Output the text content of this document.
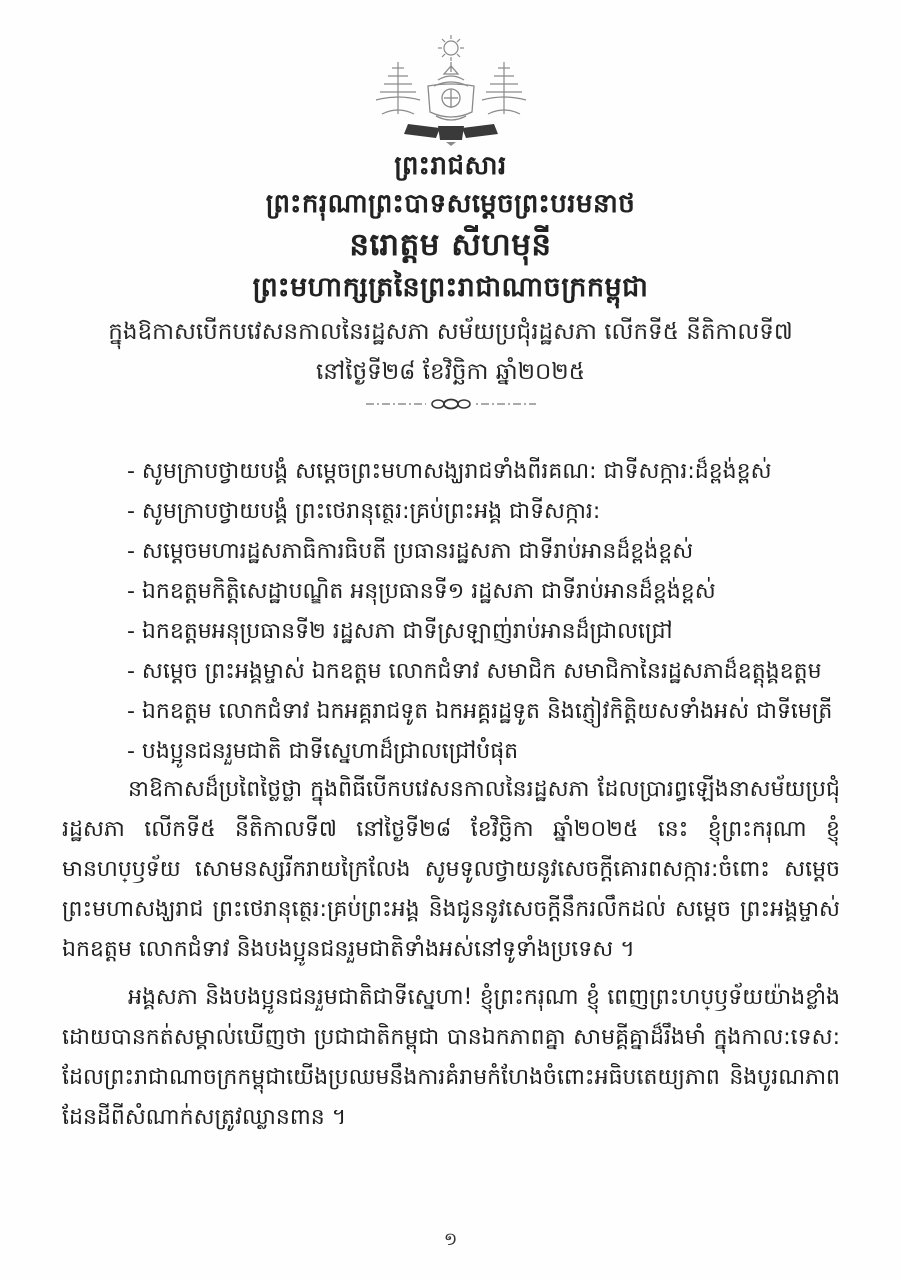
ព្រះរាជសារ
ព្រះករុណាព្រះបាទសម្តេចព្រះបរមនាថ
នរោត្តម សីហមុនី
ព្រះមហាក្សត្រនៃព្រះរាជាណាចក្រកម្ពុជា
ក្នុងឱកាសបើកបវេសនកាលនៃរដ្ឋសភា សម័យប្រជុំរដ្ឋសភា លើកទី៥ នីតិកាលទី៧
នៅថ្ងៃទី២៨ ខែវិច្ឆិកា ឆ្នាំ២០២៥
- សូមក្រាបថ្វាយបង្គំ សម្តេចព្រះមហាសង្ឃរាជទាំងពីរគណ: ជាទីសក្ការ:ដ៏ខ្ពង់ខ្ពស់
- សូមក្រាបថ្វាយបង្គំ ព្រះថេរានុត្ថេរ:គ្រប់ព្រះអង្គ ជាទីសក្ការ:
- សម្តេចមហារដ្ឋសភាធិការធិបតី ប្រធានរដ្ឋសភា ជាទីរាប់អានដ៏ខ្ពង់ខ្ពស់
- ឯកឧត្តមកិត្តិសេដ្ឋាបណ្ឌិត អនុប្រធានទី១ រដ្ឋសភា ជាទីរាប់អានដ៏ខ្ពង់ខ្ពស់
- ឯកឧត្តមអនុប្រធានទី២ រដ្ឋសភា ជាទីស្រឡាញ់រាប់អានដ៏ជ្រាលជ្រៅ
- សម្តេច ព្រះអង្គម្ចាស់ ឯកឧត្តម លោកជំទាវ សមាជិក សមាជិកានៃរដ្ឋសភាដ៏ឧត្តុង្គឧត្តម
- ឯកឧត្តម លោកជំទាវ ឯកអគ្គរាជទូត ឯកអគ្គរដ្ឋទូត និងភ្ញៀវកិត្តិយសទាំងអស់ ជាទីមេត្រី
- បងប្អូនជនរួមជាតិ ជាទីស្នេហាដ៏ជ្រាលជ្រៅបំផុត
នាឱកាសដ៏ប្រពៃថ្លៃថ្លា ក្នុងពិធីបើកបវេសនកាលនៃរដ្ឋសភា ដែលប្រារព្ធឡើងនាសម័យប្រជុំ រដ្ឋសភា លើកទី៥ នីតិកាលទី៧ នៅថ្ងៃទី២៨ ខែវិច្ឆិកា ឆ្នាំ២០២៥ នេះ ខ្ញុំព្រះករុណា ខ្ញុំ មានហប្ឫទ័យ សោមនស្សរីករាយក្រៃលែង សូមទូលថ្វាយនូវសេចក្តីគោរពសក្ការ:ចំពោះ សម្តេចព្រះមហាសង្ឃរាជ ព្រះថេរានុត្ថេរ:គ្រប់ព្រះអង្គ និងជូននូវសេចក្តីនឹករលឹកដល់ សម្តេច ព្រះអង្គម្ចាស់ ឯកឧត្តម លោកជំទាវ និងបងប្អូនជនរួមជាតិទាំងអស់នៅទូទាំងប្រទេស ។
អង្គសភា និងបងប្អូនជនរួមជាតិជាទីស្នេហា! ខ្ញុំព្រះករុណា ខ្ញុំ ពេញព្រះហប្ឫទ័យយ៉ាងខ្លាំង ដោយបានកត់សម្គាល់ឃើញថា ប្រជាជាតិកម្ពុជា បានឯកភាពគ្នា សាមគ្គីគ្នាដ៏រឹងមាំ ក្នុងកាល:ទេស: ដែលព្រះរាជាណាចក្រកម្ពុជាយើងប្រឈមនឹងការគំរាមកំហែងចំពោះអធិបតេយ្យភាព និងបូរណភាព ដែនដីពីសំណាក់សត្រូវឈ្លានពាន ។
១
